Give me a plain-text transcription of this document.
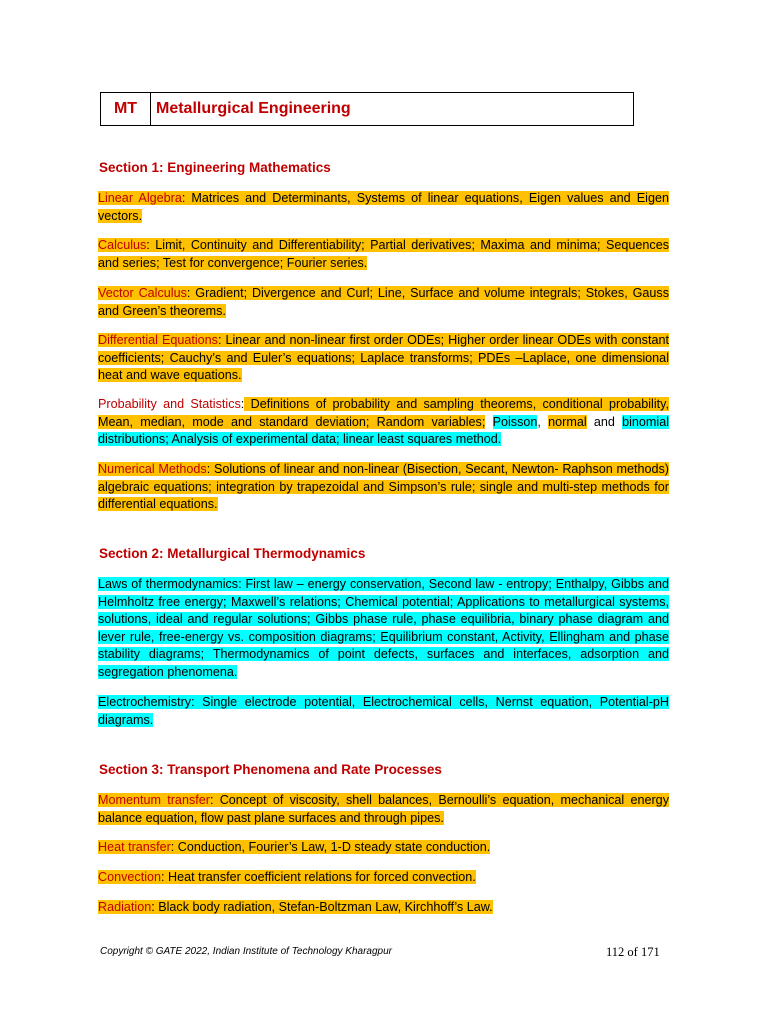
MT	Metallurgical Engineering
Section 1: Engineering Mathematics
Linear Algebra: Matrices and Determinants, Systems of linear equations, Eigen values and Eigen vectors.
Calculus: Limit, Continuity and Differentiability; Partial derivatives; Maxima and minima; Sequences and series; Test for convergence; Fourier series.
Vector Calculus: Gradient; Divergence and Curl; Line, Surface and volume integrals; Stokes, Gauss and Green’s theorems.
Differential Equations: Linear and non-linear first order ODEs; Higher order linear ODEs with constant coefficients; Cauchy’s and Euler’s equations; Laplace transforms; PDEs –Laplace, one dimensional heat and wave equations.
Probability and Statistics: Definitions of probability and sampling theorems, conditional probability, Mean, median, mode and standard deviation; Random variables; Poisson, normal and binomial distributions; Analysis of experimental data; linear least squares method.
Numerical Methods: Solutions of linear and non-linear (Bisection, Secant, Newton- Raphson methods) algebraic equations; integration by trapezoidal and Simpson’s rule; single and multi-step methods for differential equations.
Section 2: Metallurgical Thermodynamics
Laws of thermodynamics: First law – energy conservation, Second law - entropy; Enthalpy, Gibbs and Helmholtz free energy; Maxwell’s relations; Chemical potential; Applications to metallurgical systems, solutions, ideal and regular solutions; Gibbs phase rule, phase equilibria, binary phase diagram and lever rule, free-energy vs. composition diagrams; Equilibrium constant, Activity, Ellingham and phase stability diagrams; Thermodynamics of point defects, surfaces and interfaces, adsorption and segregation phenomena.
Electrochemistry: Single electrode potential, Electrochemical cells, Nernst equation, Potential-pH diagrams.
Section 3: Transport Phenomena and Rate Processes
Momentum transfer: Concept of viscosity, shell balances, Bernoulli’s equation, mechanical energy balance equation, flow past plane surfaces and through pipes.
Heat transfer: Conduction, Fourier’s Law, 1-D steady state conduction.
Convection: Heat transfer coefficient relations for forced convection.
Radiation: Black body radiation, Stefan-Boltzman Law, Kirchhoff’s Law.
Copyright © GATE 2022, Indian Institute of Technology Kharagpur	112 of 171
